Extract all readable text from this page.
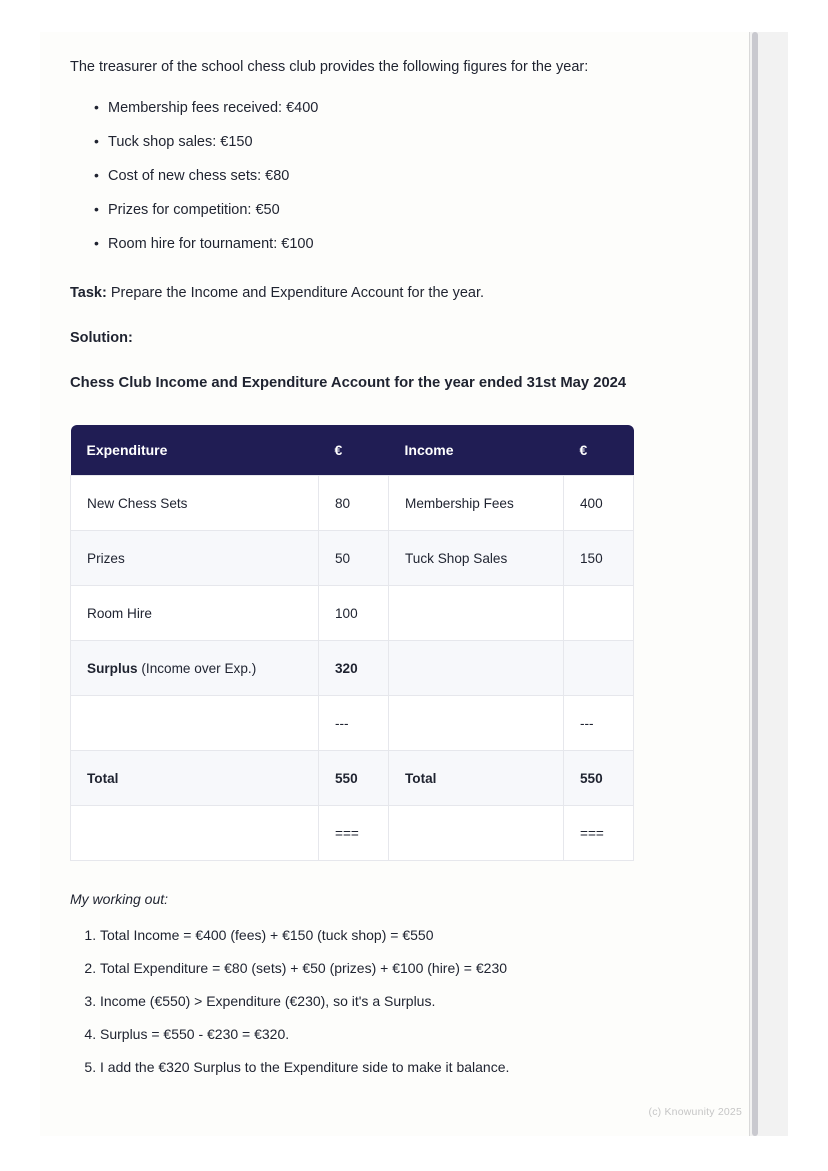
The treasurer of the school chess club provides the following figures for the year:

• Membership fees received: €400
• Tuck shop sales: €150
• Cost of new chess sets: €80
• Prizes for competition: €50
• Room hire for tournament: €100

Task: Prepare the Income and Expenditure Account for the year.

Solution:

Chess Club Income and Expenditure Account for the year ended 31st May 2024

Expenditure	€	Income	€
New Chess Sets	80	Membership Fees	400
Prizes	50	Tuck Shop Sales	150
Room Hire	100		
Surplus (Income over Exp.)	320		
	---		---
Total	550	Total	550
	===		===

My working out:

1. Total Income = €400 (fees) + €150 (tuck shop) = €550
2. Total Expenditure = €80 (sets) + €50 (prizes) + €100 (hire) = €230
3. Income (€550) > Expenditure (€230), so it's a Surplus.
4. Surplus = €550 - €230 = €320.
5. I add the €320 Surplus to the Expenditure side to make it balance.
(c) Knowunity 2025
